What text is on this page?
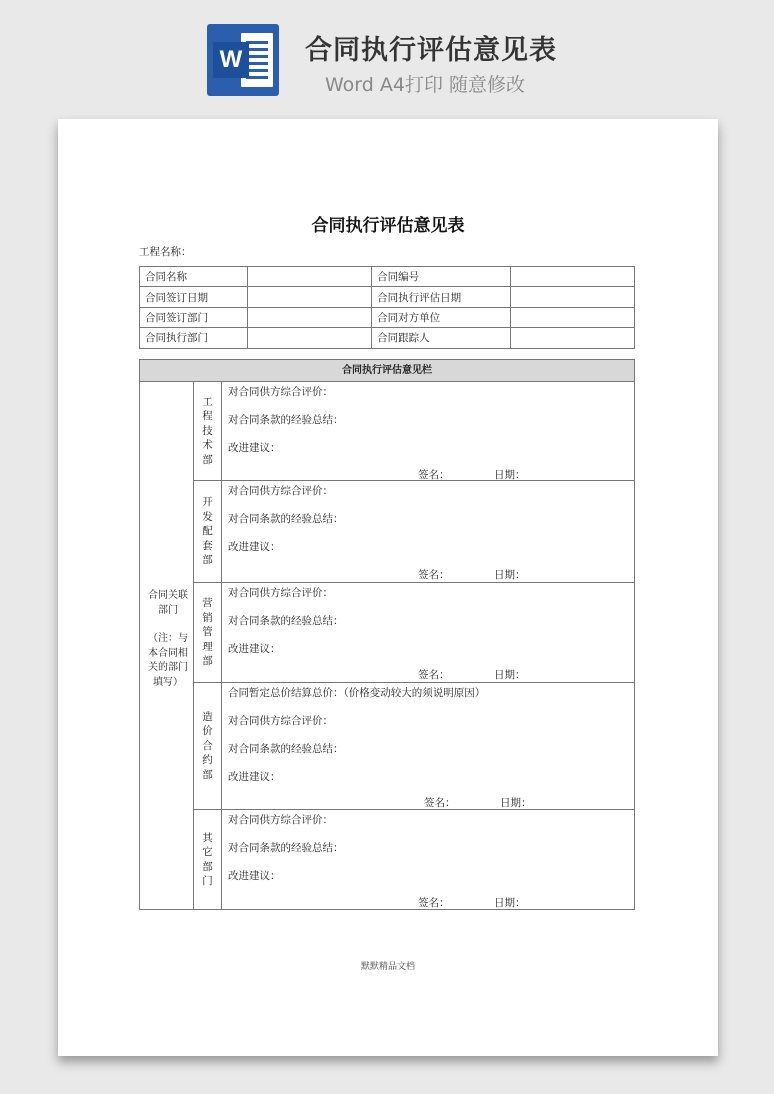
W 合同执行评估意见表
Word A4打印 随意修改
合同执行评估意见表
工程名称：
合同名称		合同编号	
合同签订日期		合同执行评估日期	
合同签订部门		合同对方单位	
合同执行部门		合同跟踪人	
合同执行评估意见栏
合同关联部门
（注：与本合同相关的部门填写）
工程技术部
对合同供方综合评价：
对合同条款的经验总结：
改进建议：
签名：	日期：
开发配套部
对合同供方综合评价：
对合同条款的经验总结：
改进建议：
签名：	日期：
营销管理部
对合同供方综合评价：
对合同条款的经验总结：
改进建议：
签名：	日期：
造价合约部
合同暂定总价结算总价：（价格变动较大的须说明原因）
对合同供方综合评价：
对合同条款的经验总结：
改进建议：
签名：	日期：
其它部门
对合同供方综合评价：
对合同条款的经验总结：
改进建议：
签名：	日期：
默默精品文档
